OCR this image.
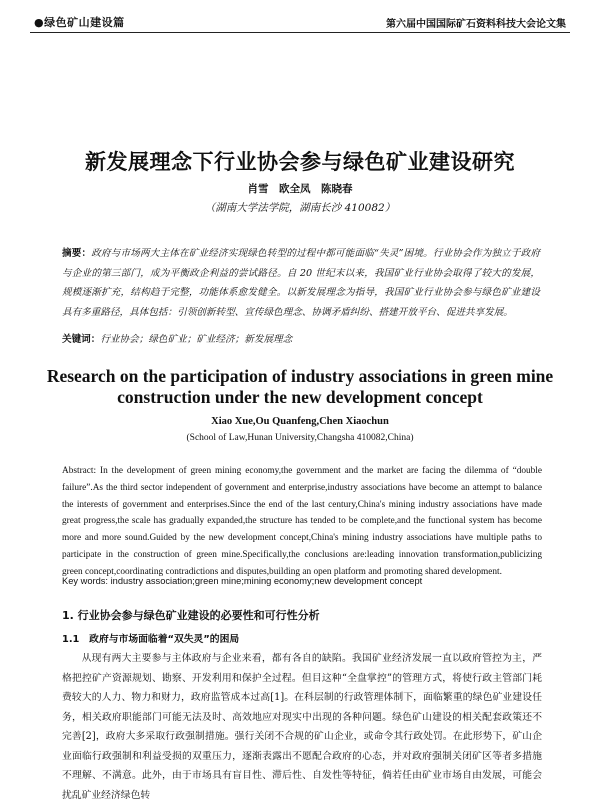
●绿色矿山建设篇	第六届中国国际矿石资料科技大会论文集
新发展理念下行业协会参与绿色矿业建设研究
肖雪　欧全凤　陈晓春
（湖南大学法学院，湖南长沙 410082）
摘要：政府与市场两大主体在矿业经济实现绿色转型的过程中都可能面临“失灵”困境。行业协会作为独立于政府与企业的第三部门，成为平衡政企利益的尝试路径。自 20 世纪末以来，我国矿业行业协会取得了较大的发展，规模逐渐扩充，结构趋于完整，功能体系愈发健全。以新发展理念为指导，我国矿业行业协会参与绿色矿业建设具有多重路径，具体包括：引领创新转型、宣传绿色理念、协调矛盾纠纷、搭建开放平台、促进共享发展。
关键词：行业协会；绿色矿业；矿业经济；新发展理念
Research on the participation of industry associations in green mine
construction under the new development concept
Xiao Xue,Ou Quanfeng,Chen Xiaochun
(School of Law,Hunan University,Changsha 410082,China)
Abstract: In the development of green mining economy,the government and the market are facing the dilemma of “double failure”.As the third sector independent of government and enterprise,industry associations have become an attempt to balance the interests of government and enterprises.Since the end of the last century,China's mining industry associations have made great progress,the scale has gradually expanded,the structure has tended to be complete,and the functional system has become more and more sound.Guided by the new development concept,China's mining industry associations have multiple paths to participate in the construction of green mine.Specifically,the conclusions are:leading innovation transformation,publicizing green concept,coordinating contradictions and disputes,building an open platform and promoting shared development.
Key words: industry association;green mine;mining economy;new development concept
1. 行业协会参与绿色矿业建设的必要性和可行性分析
1.1　政府与市场面临着“双失灵”的困局

从现有两大主要参与主体政府与企业来看，都有各自的缺陷。我国矿业经济发展一直以政府管控为主，严格把控矿产资源规划、勘察、开发利用和保护全过程。但目这种“全盘掌控”的管理方式，将使行政主管部门耗费较大的人力、物力和财力，政府监管成本过高[1]。在科层制的行政管理体制下，面临繁重的绿色矿业建设任务，相关政府职能部门可能无法及时、高效地应对现实中出现的各种问题。绿色矿山建设的相关配套政策还不完善[2]，政府大多采取行政强制措施。强行关闭不合规的矿山企业，或命令其行政处罚。在此形势下，矿山企业面临行政强制和利益受损的双重压力，逐渐表露出不愿配合政府的心态，并对政府强制关闭矿区等者多措施不理解、不满意。此外，由于市场具有盲目性、滞后性、自发性等特征，倘若任由矿业市场自由发展，可能会扰乱矿业经济绿色转
